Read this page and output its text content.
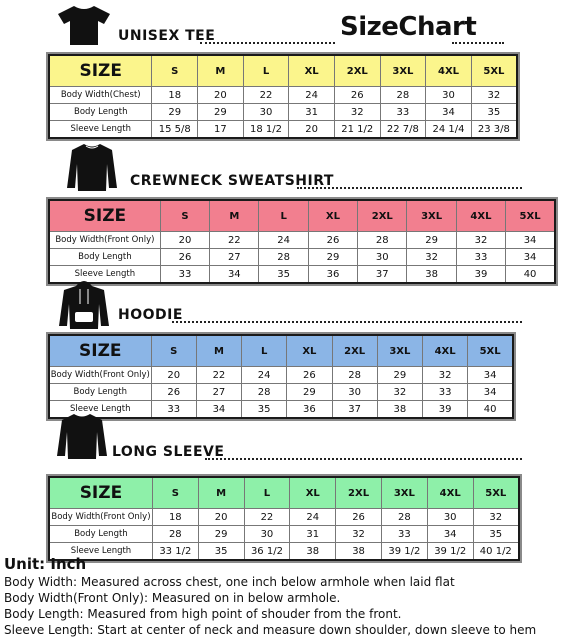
UNISEX TEE	SizeChart
SIZE	S	M	L	XL	2XL	3XL	4XL	5XL
Body Width(Chest)	18	20	22	24	26	28	30	32
Body Length	29	29	30	31	32	33	34	35
Sleeve Length	15 5/8	17	18 1/2	20	21 1/2	22 7/8	24 1/4	23 3/8
CREWNECK SWEATSHIRT
SIZE	S	M	L	XL	2XL	3XL	4XL	5XL
Body Width(Front Only)	20	22	24	26	28	29	32	34
Body Length	26	27	28	29	30	32	33	34
Sleeve Length	33	34	35	36	37	38	39	40
HOODIE
SIZE	S	M	L	XL	2XL	3XL	4XL	5XL
Body Width(Front Only)	20	22	24	26	28	29	32	34
Body Length	26	27	28	29	30	32	33	34
Sleeve Length	33	34	35	36	37	38	39	40
LONG SLEEVE
SIZE	S	M	L	XL	2XL	3XL	4XL	5XL
Body Width(Front Only)	18	20	22	24	26	28	30	32
Body Length	28	29	30	31	32	33	34	35
Sleeve Length	33 1/2	35	36 1/2	38	38	39 1/2	39 1/2	40 1/2
Unit: Inch
Body Width: Measured across chest, one inch below armhole when laid flat
Body Width(Front Only): Measured on in below armhole.
Body Length: Measured from high point of shouder from the front.
Sleeve Length: Start at center of neck and measure down shoulder, down sleeve to hem
